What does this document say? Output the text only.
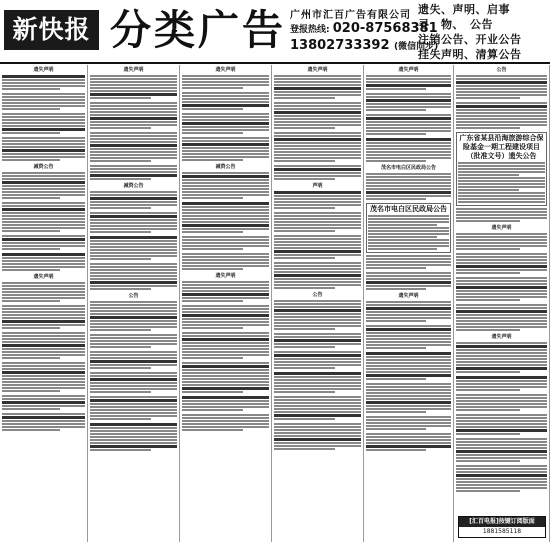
新快报 分类广告 广州市汇百广告有限公司
登报热线: 020-87568381
13802733392 (微信同步)
遗失、声明、启事
寻　物、　公告
注销公告、开业公告
挂失声明、清算公告
遗失声明
减资公告
遗失声明
遗失声明
减资公告
公告
遗失声明
减资公告
遗失声明
遗失声明
声明
公告
遗失声明
茂名市电白区民政局公告
茂名市电白区民政局公告
遗失声明
公告
广东省某县沿海旅游综合保险基金一期工程建设项目（批准文号）遗失公告
遗失声明
遗失声明
[汇百电报]按键订阅版面
1881585118
